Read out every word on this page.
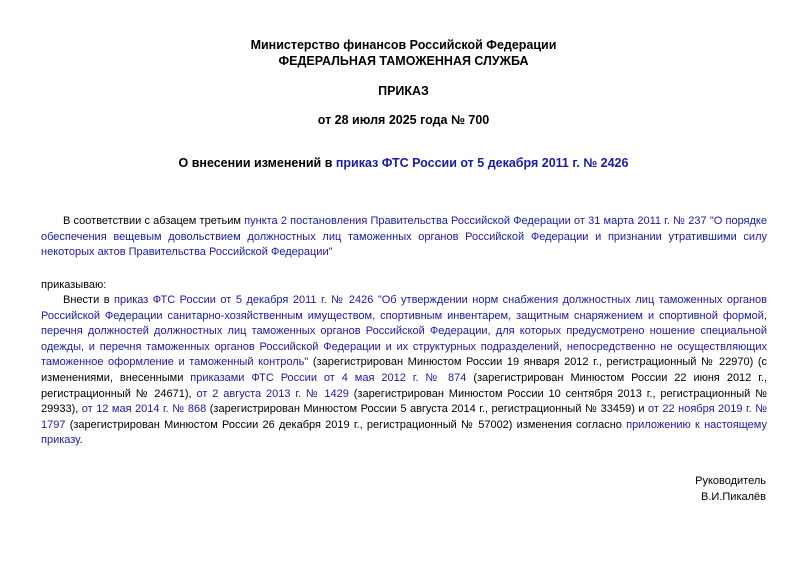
Министерство финансов Российской Федерации
ФЕДЕРАЛЬНАЯ ТАМОЖЕННАЯ СЛУЖБА
ПРИКАЗ
от 28 июля 2025 года № 700
О внесении изменений в приказ ФТС России от 5 декабря 2011 г. № 2426
В соответствии с абзацем третьим пункта 2 постановления Правительства Российской Федерации от 31 марта 2011 г. № 237 "О порядке обеспечения вещевым довольствием должностных лиц таможенных органов Российской Федерации и признании утратившими силу некоторых актов Правительства Российской Федерации"
приказываю:
Внести в приказ ФТС России от 5 декабря 2011 г. № 2426 "Об утверждении норм снабжения должностных лиц таможенных органов Российской Федерации санитарно-хозяйственным имуществом, спортивным инвентарем, защитным снаряжением и спортивной формой, перечня должностей должностных лиц таможенных органов Российской Федерации, для которых предусмотрено ношение специальной одежды, и перечня таможенных органов Российской Федерации и их структурных подразделений, непосредственно не осуществляющих таможенное оформление и таможенный контроль" (зарегистрирован Минюстом России 19 января 2012 г., регистрационный № 22970) (с изменениями, внесенными приказами ФТС России от 4 мая 2012 г. № 874 (зарегистрирован Минюстом России 22 июня 2012 г., регистрационный № 24671), от 2 августа 2013 г. № 1429 (зарегистрирован Минюстом России 10 сентября 2013 г., регистрационный № 29933), от 12 мая 2014 г. № 868 (зарегистрирован Минюстом России 5 августа 2014 г., регистрационный № 33459) и от 22 ноября 2019 г. № 1797 (зарегистрирован Минюстом России 26 декабря 2019 г., регистрационный № 57002) изменения согласно приложению к настоящему приказу.
Руководитель
В.И.Пикалёв
